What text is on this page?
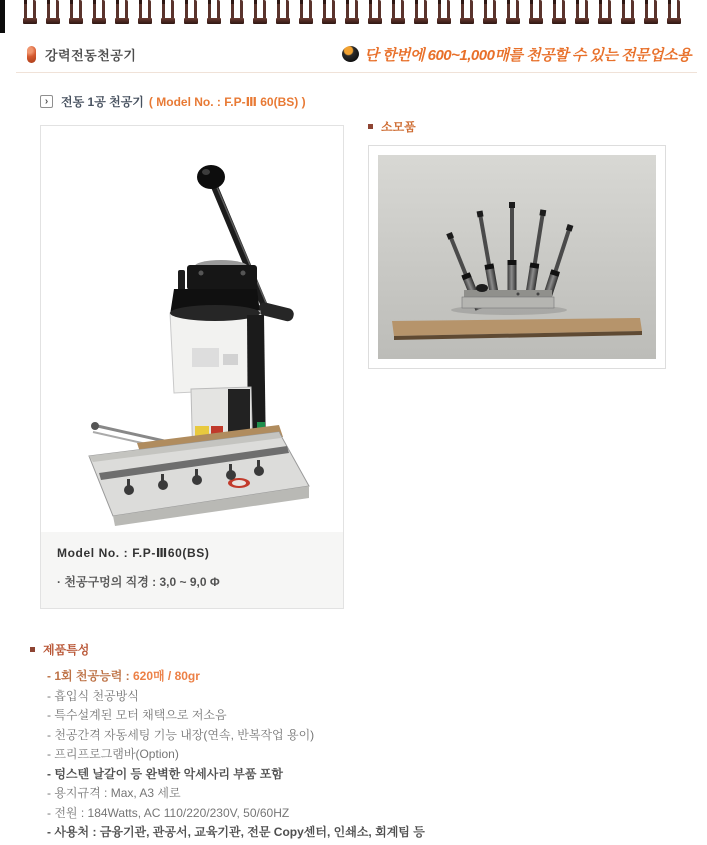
강력전동천공기	단 한번에 600~1,000매를 천공할 수 있는 전문업소용
›	전동 1공 천공기 ( Model No. : F.P-Ⅲ 60(BS) )
Model No. : F.P-Ⅲ60(BS)
· 천공구멍의 직경 : 3,0 ~ 9,0 Φ
소모품
제품특성
- 1회 천공능력 : 620매 / 80gr
- 흡입식 천공방식
- 특수설계된 모터 채택으로 저소음
- 천공간격 자동세팅 기능 내장(연속, 반복작업 용이)
- 프리프로그램바(Option)
- 텅스텐 날갈이 등 완벽한 악세사리 부품 포함
- 용지규격 : Max, A3 세로
- 전원 : 184Watts, AC 110/220/230V, 50/60HZ
- 사용처 : 금융기관, 관공서, 교육기관, 전문 Copy센터, 인쇄소, 회계팀 등
